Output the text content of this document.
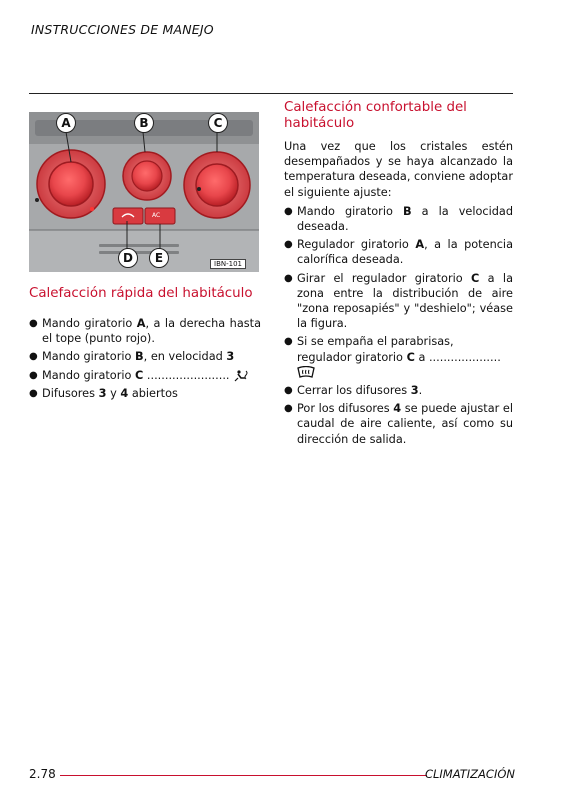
INSTRUCCIONES DE MANEJO
AC
A	B	C
D	E	IBN-101
Calefacción rápida del habitáculo
● Mando giratorio A, a la derecha hasta el tope (punto rojo).
● Mando giratorio B, en velocidad 3
● Mando giratorio C .......................
● Difusores 3 y 4 abiertos
Calefacción confortable del
habitáculo

Una vez que los cristales estén desempañados y se haya alcanzado la temperatura deseada, conviene adoptar el siguiente ajuste:

● Mando giratorio B a la velocidad deseada.
● Regulador giratorio A, a la potencia calorífica deseada.
● Girar el regulador giratorio C a la zona entre la distribución de aire "zona reposapiés" y "deshielo"; véase la figura.
● Si se empaña el parabrisas,
regulador giratorio C a ....................
● Cerrar los difusores 3.
● Por los difusores 4 se puede ajustar el caudal de aire caliente, así como su dirección de salida.
2.78	CLIMATIZACIÓN
